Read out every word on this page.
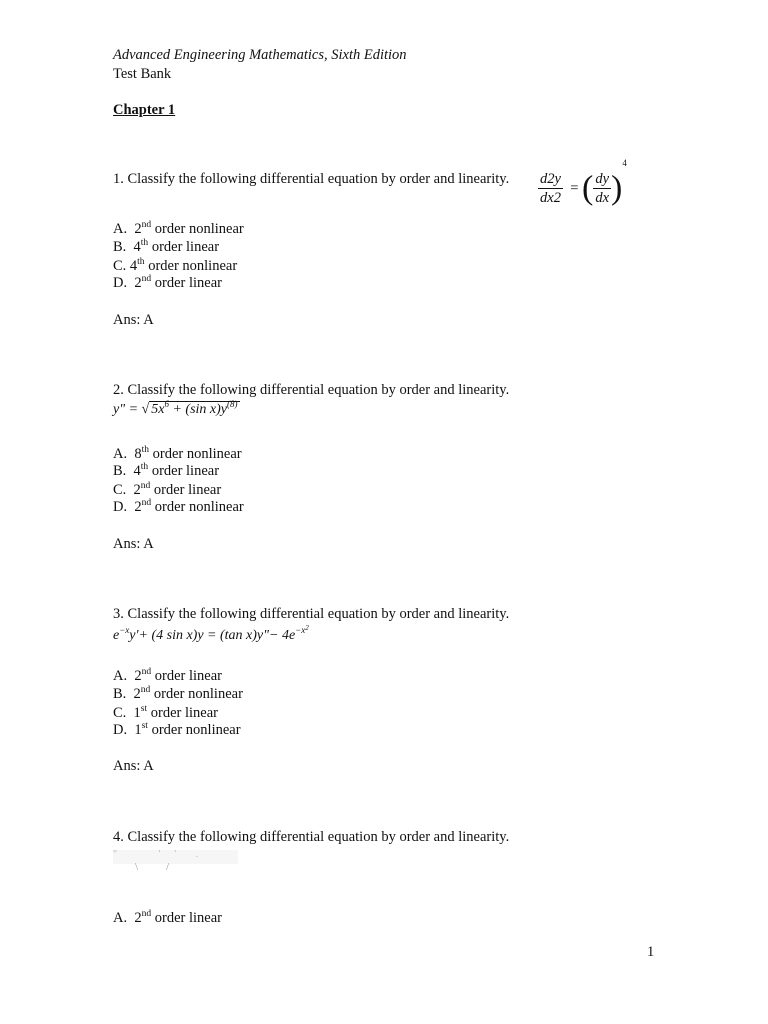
Advanced Engineering Mathematics, Sixth Edition
Test Bank
Chapter 1
1. Classify the following differential equation by order and linearity. $\frac{d2y}{dx2}$ = ( $\frac{dy}{dx} )^4$
A. 2nd order nonlinear
B. 4th order linear
C. 4th order nonlinear
D. 2nd order linear
Ans: A
2. Classify the following differential equation by order and linearity.
y" = √ $5x^6 + (\sin$ $x)y^{(8)}$
A. 8th order nonlinear
B. 4th order linear
C. 2nd order linear
D. 2nd order nonlinear
Ans: A
3. Classify the following differential equation by order and linearity.
$e^{-x}y'+ (4$ sin x)y = (tan x)y"− $4e^{-x^2}$
A. 2nd order linear
B. 2nd order nonlinear
C. 1st order linear
D. 1st order nonlinear
Ans: A
4. Classify the following differential equation by order and linearity.
"       '  '   .
\/
A. 2nd order linear
1
